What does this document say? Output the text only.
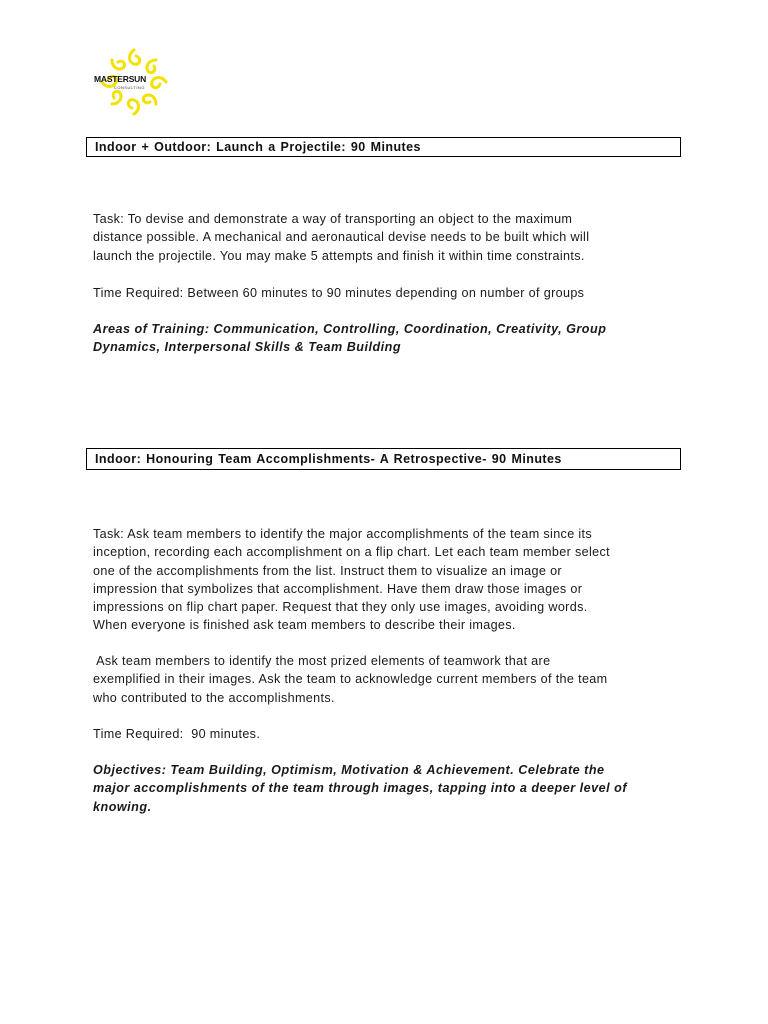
MASTERSUN
CONSULTING
Indoor + Outdoor: Launch a Projectile: 90 Minutes
Task: To devise and demonstrate a way of transporting an object to the maximum
distance possible. A mechanical and aeronautical devise needs to be built which will
launch the projectile. You may make 5 attempts and finish it within time constraints.
Time Required: Between 60 minutes to 90 minutes depending on number of groups
Areas of Training: Communication, Controlling, Coordination, Creativity, Group
Dynamics, Interpersonal Skills & Team Building
Indoor: Honouring Team Accomplishments- A Retrospective- 90 Minutes
Task: Ask team members to identify the major accomplishments of the team since its
inception, recording each accomplishment on a flip chart. Let each team member select
one of the accomplishments from the list. Instruct them to visualize an image or
impression that symbolizes that accomplishment. Have them draw those images or
impressions on flip chart paper. Request that they only use images, avoiding words.
When everyone is finished ask team members to describe their images.
Ask team members to identify the most prized elements of teamwork that are
exemplified in their images. Ask the team to acknowledge current members of the team
who contributed to the accomplishments.
Time Required:  90 minutes.
Objectives: Team Building, Optimism, Motivation & Achievement. Celebrate the
major accomplishments of the team through images, tapping into a deeper level of
knowing.
